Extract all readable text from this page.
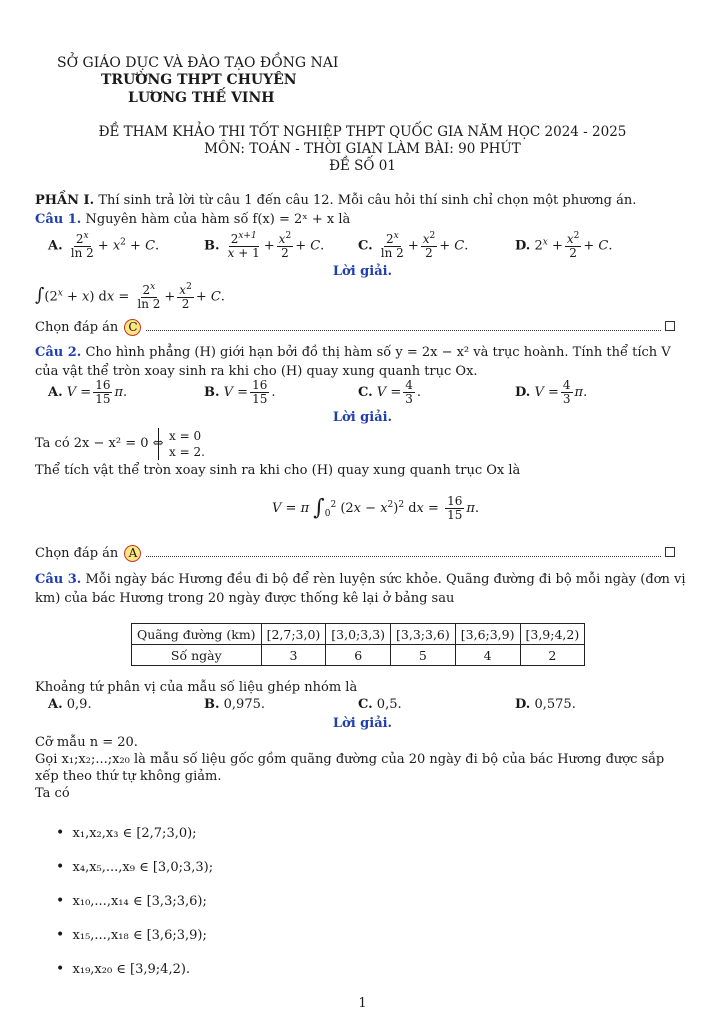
SỞ GIÁO DỤC VÀ ĐÀO TẠO ĐỒNG NAI
TRƯỜNG THPT CHUYÊN
LƯƠNG THẾ VINH
ĐỀ THAM KHẢO THI TỐT NGHIỆP THPT QUỐC GIA NĂM HỌC 2024 - 2025
MÔN: TOÁN - THỜI GIAN LÀM BÀI: 90 PHÚT
ĐỀ SỐ 01
PHẦN I. Thí sinh trả lời từ câu 1 đến câu 12. Mỗi câu hỏi thí sinh chỉ chọn một phương án.
Câu 1. Nguyên hàm của hàm số f(x) = 2ˣ + x là
A. $\frac{2^x}{\ln 2} + x^2 + C$.	B. $\frac{2^{x+1}}{x + 1} + \frac{x^2}{2} + C$.	C. $\frac{2^x}{\ln 2} + \frac{x^2}{2} + C$.	D. $2^x + \frac{x^2}{2} + C$.
Lời giải.
$\int(2^x + x)$ dx = $\frac{2^x}{\ln 2} + \frac{x^2}{2} + C$.
Chọn đáp án C
Câu 2. Cho hình phẳng (H) giới hạn bởi đồ thị hàm số y = 2x − x² và trục hoành. Tính thể tích V
của vật thể tròn xoay sinh ra khi cho (H) quay xung quanh trục Ox.
A. $V = \frac{16}{15} \pi$.	B. $V = \frac{16}{15}$ .	C. $V = \frac{4}{3}$ .	D. $V = \frac{4}{3} \pi$.
Lời giải.
Ta có 2x − x² = 0 ⇔ x = 0
x = 2.
Thể tích vật thể tròn xoay sinh ra khi cho (H) quay xung quanh trục Ox là
V = π $\int_0^2$ $(2x - x^2)^2$ dx = $\frac{16}{15} \pi$.
Chọn đáp án A
Câu 3. Mỗi ngày bác Hương đều đi bộ để rèn luyện sức khỏe. Quãng đường đi bộ mỗi ngày (đơn vị
km) của bác Hương trong 20 ngày được thống kê lại ở bảng sau
Quãng đường (km)	[2,7;3,0)	[3,0;3,3)	[3,3;3,6)	[3,6;3,9)	[3,9;4,2)
Số ngày	3	6	5	4	2
Khoảng tứ phân vị của mẫu số liệu ghép nhóm là
A. 0,9.	B. 0,975.	C. 0,5.	D. 0,575.
Lời giải.
Cỡ mẫu n = 20.
Gọi x₁;x₂;...;x₂₀ là mẫu số liệu gốc gồm quãng đường của 20 ngày đi bộ của bác Hương được sắp
xếp theo thứ tự không giảm.
Ta có
• x₁,x₂,x₃ ∈ [2,7;3,0);
• x₄,x₅,...,x₉ ∈ [3,0;3,3);
• x₁₀,...,x₁₄ ∈ [3,3;3,6);
• x₁₅,...,x₁₈ ∈ [3,6;3,9);
• x₁₉,x₂₀ ∈ [3,9;4,2).
1
